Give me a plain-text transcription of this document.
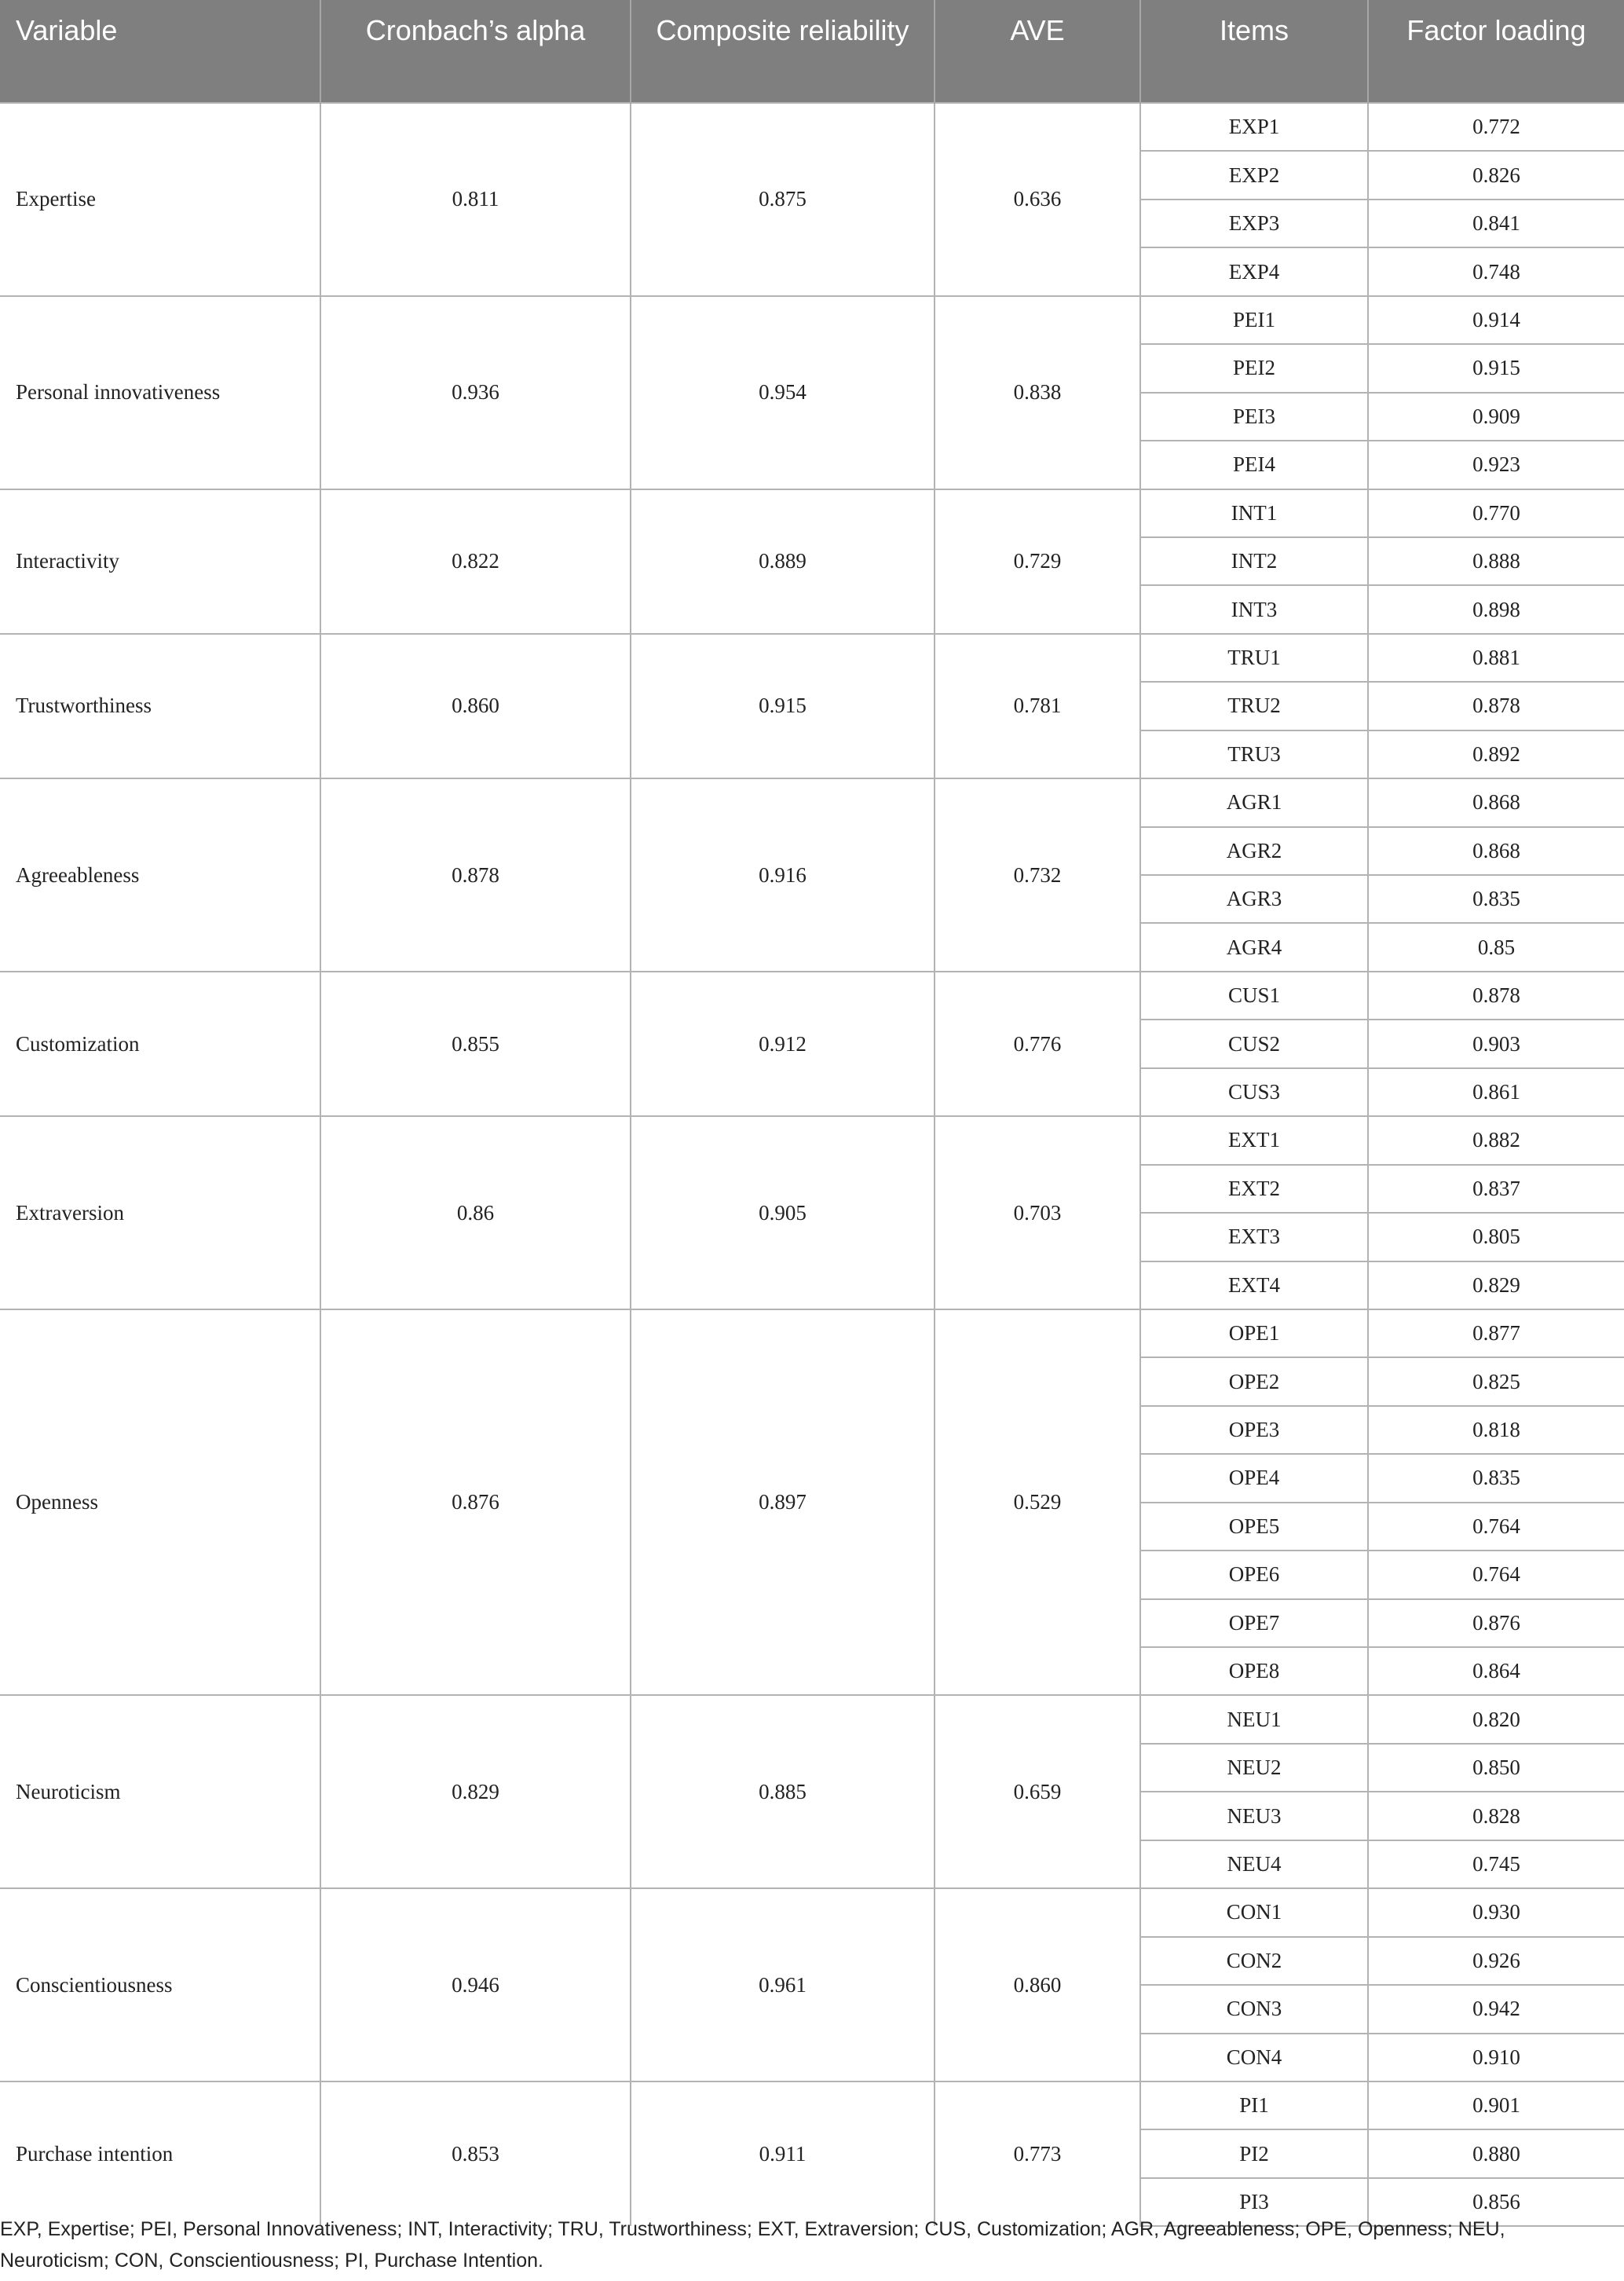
Variable	Cronbach’s alpha	Composite reliability	AVE	Items	Factor loading
Expertise	0.811	0.875	0.636	EXP1	0.772
				EXP2	0.826
				EXP3	0.841
				EXP4	0.748
Personal innovativeness	0.936	0.954	0.838	PEI1	0.914
				PEI2	0.915
				PEI3	0.909
				PEI4	0.923
Interactivity	0.822	0.889	0.729	INT1	0.770
				INT2	0.888
				INT3	0.898
Trustworthiness	0.860	0.915	0.781	TRU1	0.881
				TRU2	0.878
				TRU3	0.892
Agreeableness	0.878	0.916	0.732	AGR1	0.868
				AGR2	0.868
				AGR3	0.835
				AGR4	0.85
Customization	0.855	0.912	0.776	CUS1	0.878
				CUS2	0.903
				CUS3	0.861
Extraversion	0.86	0.905	0.703	EXT1	0.882
				EXT2	0.837
				EXT3	0.805
				EXT4	0.829
Openness	0.876	0.897	0.529	OPE1	0.877
				OPE2	0.825
				OPE3	0.818
				OPE4	0.835
				OPE5	0.764
				OPE6	0.764
				OPE7	0.876
				OPE8	0.864
Neuroticism	0.829	0.885	0.659	NEU1	0.820
				NEU2	0.850
				NEU3	0.828
				NEU4	0.745
Conscientiousness	0.946	0.961	0.860	CON1	0.930
				CON2	0.926
				CON3	0.942
				CON4	0.910
Purchase intention	0.853	0.911	0.773	PI1	0.901
				PI2	0.880
				PI3	0.856
EXP, Expertise; PEI, Personal Innovativeness; INT, Interactivity; TRU, Trustworthiness; EXT, Extraversion; CUS, Customization; AGR, Agreeableness; OPE, Openness; NEU, Neuroticism; CON, Conscientiousness; PI, Purchase Intention.
